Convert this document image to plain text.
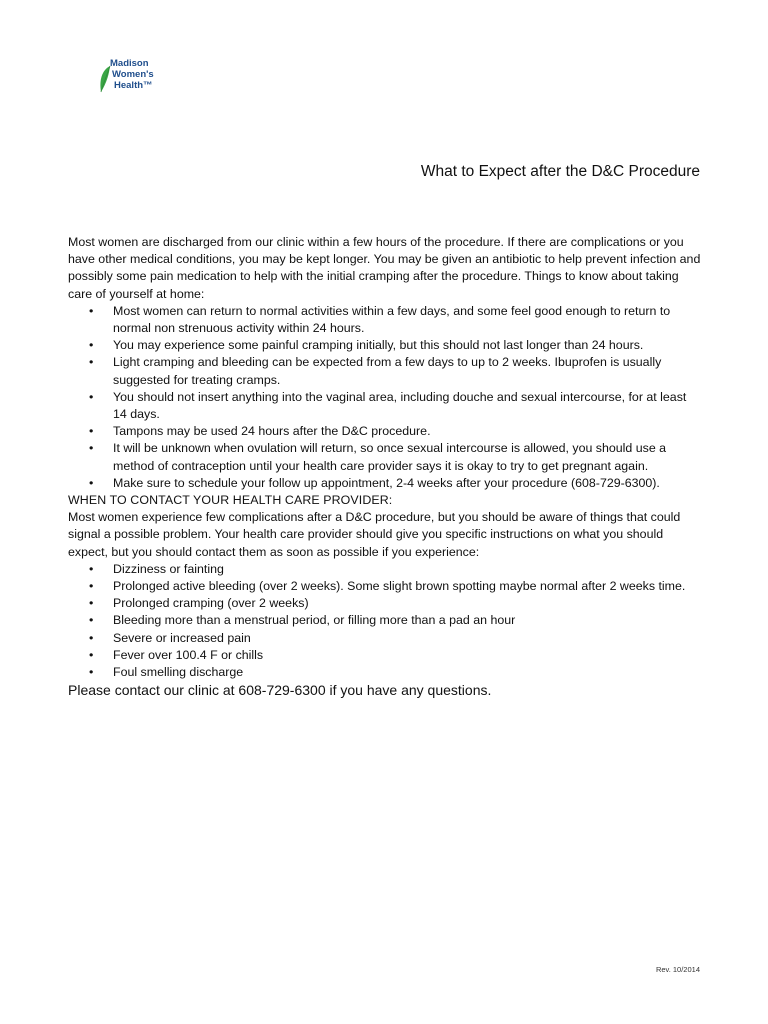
Madison
Women's
Health™
What to Expect after the D&C Procedure

Most women are discharged from our clinic within a few hours of the procedure. If there are complications or you have other medical conditions, you may be kept longer. You may be given an antibiotic to help prevent infection and possibly some pain medication to help with the initial cramping after the procedure. Things to know about taking care of yourself at home:

• Most women can return to normal activities within a few days, and some feel good enough to return to normal non strenuous activity within 24 hours.
• You may experience some painful cramping initially, but this should not last longer than 24 hours.
• Light cramping and bleeding can be expected from a few days to up to 2 weeks. Ibuprofen is usually suggested for treating cramps.
• You should not insert anything into the vaginal area, including douche and sexual intercourse, for at least 14 days.
• Tampons may be used 24 hours after the D&C procedure.
• It will be unknown when ovulation will return, so once sexual intercourse is allowed, you should use a method of contraception until your health care provider says it is okay to try to get pregnant again.
• Make sure to schedule your follow up appointment, 2-4 weeks after your procedure (608-729-6300).

WHEN TO CONTACT YOUR HEALTH CARE PROVIDER:

Most women experience few complications after a D&C procedure, but you should be aware of things that could signal a possible problem. Your health care provider should give you specific instructions on what you should expect, but you should contact them as soon as possible if you experience:

• Dizziness or fainting
• Prolonged active bleeding (over 2 weeks). Some slight brown spotting maybe normal after 2 weeks time.
• Prolonged cramping (over 2 weeks)
• Bleeding more than a menstrual period, or filling more than a pad an hour
• Severe or increased pain
• Fever over 100.4 F or chills
• Foul smelling discharge

Please contact our clinic at 608-729-6300 if you have any questions.

Rev. 10/2014
